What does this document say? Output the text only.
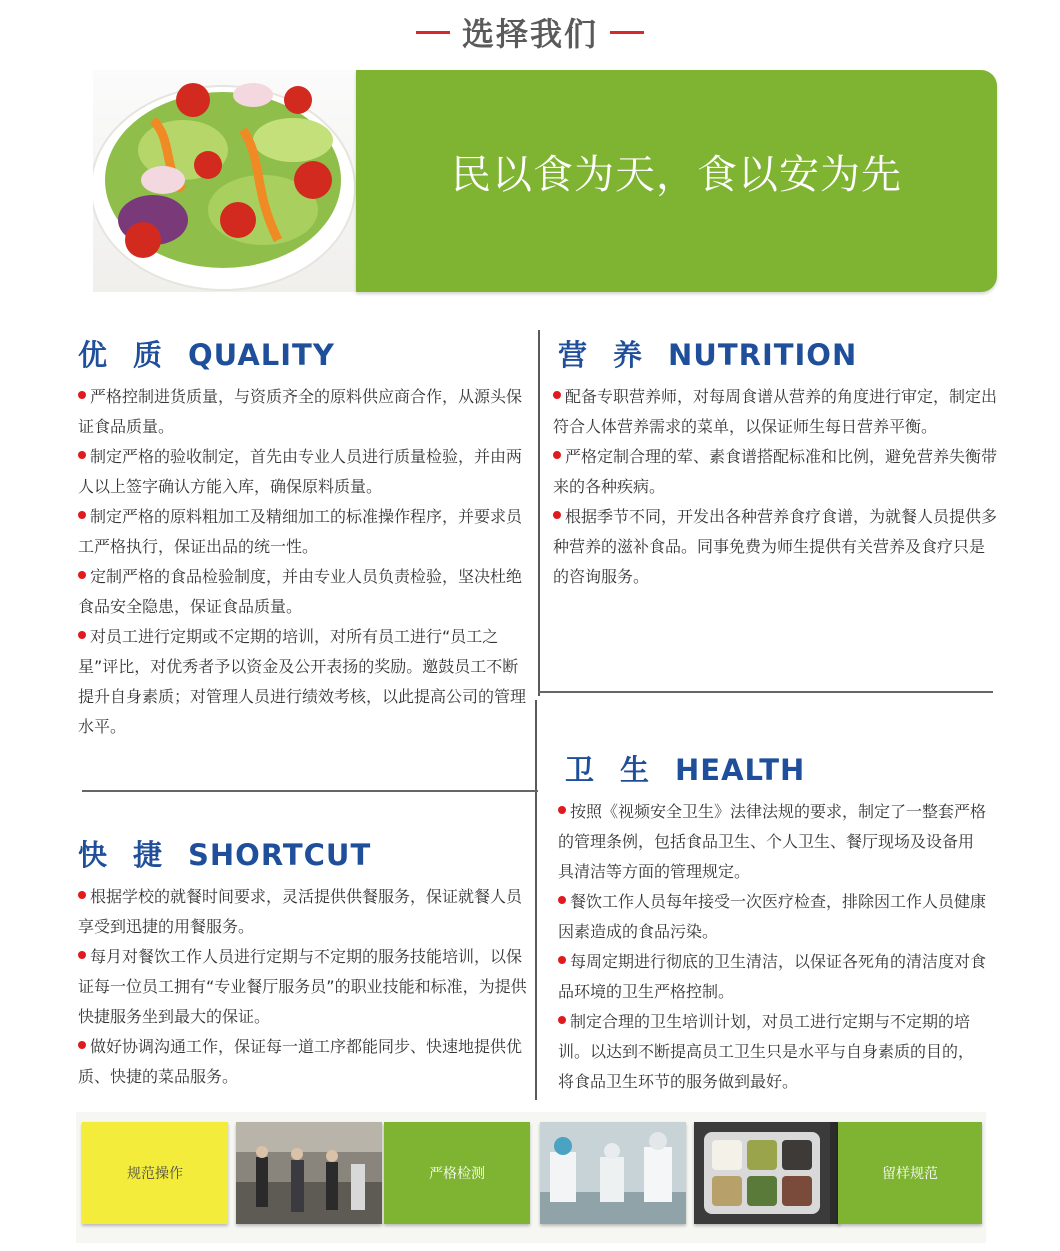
选择我们
民以食为天，食以安为先
优质QUALITY

严格控制进货质量，与资质齐全的原料供应商合作，从源头保证食品质量。

制定严格的验收制定，首先由专业人员进行质量检验，并由两人以上签字确认方能入库，确保原料质量。

制定严格的原料粗加工及精细加工的标准操作程序，并要求员工严格执行，保证出品的统一性。

定制严格的食品检验制度，并由专业人员负责检验，坚决杜绝食品安全隐患，保证食品质量。

对员工进行定期或不定期的培训，对所有员工进行“员工之星”评比，对优秀者予以资金及公开表扬的奖励。邀鼓员工不断提升自身素质；对管理人员进行绩效考核，以此提高公司的管理水平。

营养NUTRITION

配备专职营养师，对每周食谱从营养的角度进行审定，制定出符合人体营养需求的菜单，以保证师生每日营养平衡。

严格定制合理的荤、素食谱搭配标准和比例，避免营养失衡带来的各种疾病。

根据季节不同，开发出各种营养食疗食谱，为就餐人员提供多种营养的滋补食品。同事免费为师生提供有关营养及食疗只是的咨询服务。

快捷SHORTCUT

根据学校的就餐时间要求，灵活提供供餐服务，保证就餐人员享受到迅捷的用餐服务。

每月对餐饮工作人员进行定期与不定期的服务技能培训，以保证每一位员工拥有“专业餐厅服务员”的职业技能和标准，为提供快捷服务坐到最大的保证。

做好协调沟通工作，保证每一道工序都能同步、快速地提供优质、快捷的菜品服务。

卫生HEALTH

按照《视频安全卫生》法律法规的要求，制定了一整套严格的管理条例，包括食品卫生、个人卫生、餐厅现场及设备用具清洁等方面的管理规定。

餐饮工作人员每年接受一次医疗检查，排除因工作人员健康因素造成的食品污染。

每周定期进行彻底的卫生清洁，以保证各死角的清洁度对食品环境的卫生严格控制。

制定合理的卫生培训计划，对员工进行定期与不定期的培训。以达到不断提高员工卫生只是水平与自身素质的目的，将食品卫生环节的服务做到最好。

规范操作	严格检测	留样规范
